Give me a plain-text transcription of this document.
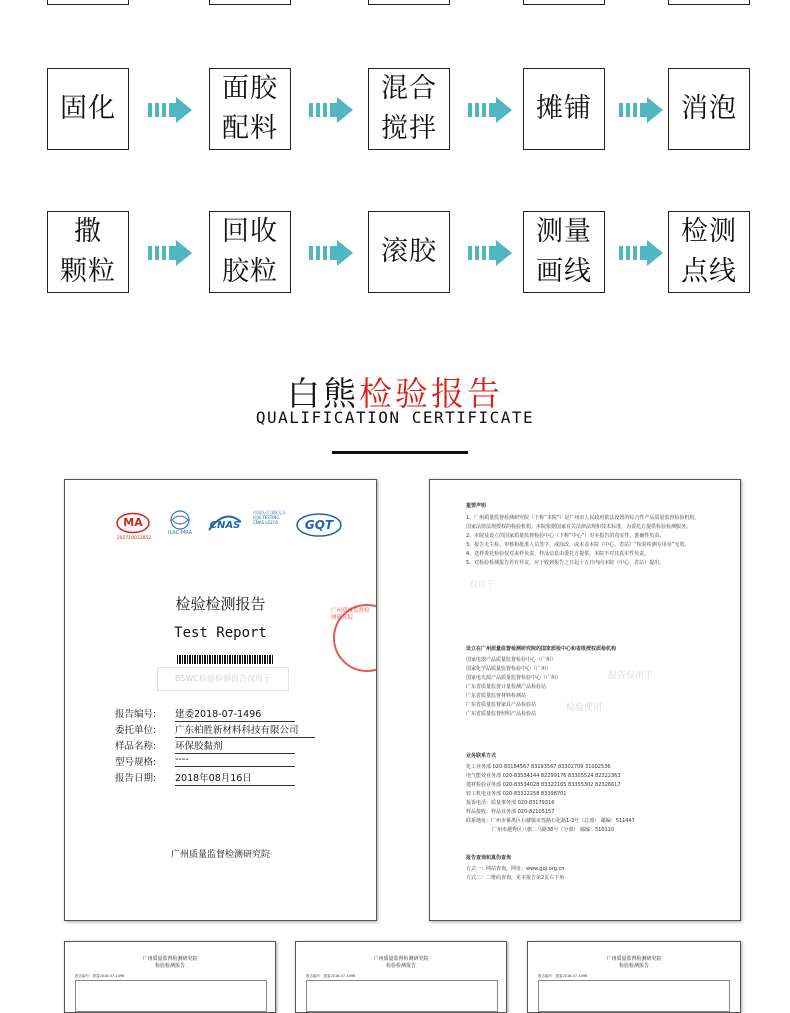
固化
面胶
配料
混合
搅拌
摊铺	消泡
撒
颗粒
回收
胶粒
滚胶
测量
画线
检测
点线
白熊检验报告
QUALIFICATION CERTIFICATE
MA
201719033852
ILAC-MRA
CNAS
中国认可 国际互认 检测 TESTING CNAS L0216	GQT
检验检测报告
Test Report
BSWC检验检测报告仅用于
报告编号: 建委2018-07-1496
委托单位: 广东柏胜新材料科技有限公司
样品名称: 环保胶黏剂
型号规格: ----
报告日期: 2018年08月16日
广州质量监督检测研究院
广州质量监督检测研究院
重要声明
1、广州质量监督检测研究院（下称“本院”）是广州市人民政府依法设置的综合性产品质量监督检验机构，
国家法律法规授权的检验机构。本院依据国家有关法律法规和技术标准，为委托方提供检验检测服务。
2、本院及设立的国家质量监督检验中心（下称“中心”）对本报告的真实性、准确性负责。
3、报告无主检、审核和批准人员签字，或涂改，或未盖本院（中心、省站）“检验检测专用章”无效。
4、送样委托检验仅对来样负责，样品信息由委托方提供，本院不对其真实性负责。
5、对检验检测报告若有异议，应于收到报告之日起十五日内向本院（中心、省站）提出。
仅用于
设立在广州质量监督检测研究院的国家质检中心和省级授权质检机构
国家电器产品质量监督检验中心（广州）
国家化学品质量监督检验中心（广州）
国家电光源产品质量监督检验中心（广州）
广东省质量监督计量检测产品检验站
广东省质量监督材料检测站
广东省质量监督家具产品检验站
广东省质量监督照明产品检验站
报告仅用于
检验使用
业务联系方式
化工业务部 020-83184567 83193567 83302709 31002536
电气能效业务部 020-83534144 82299176 83305524 82322363
建材检验业务部 020-83534028 83322165 83355302 82326617
轻工机电业务部 020-83322258 83398701
投诉电话：质量事务部 020-83179316
样品接收：样品业务部 020-82105157
联系地址：广州市番禺区石楼镇市莲路石化路1-3号（总部） 邮编：511447
广州市越秀区八旗二马路38号（分部） 邮编：510110
报告查询和真伪查询
方式一：网站查询，网址：www.gqi.org.cn
方式二：二维码查询，见本报告第2页右下角
广州质量监督检测研究院
检验检测报告
报告编号：建委2018-07-1496
广州质量监督检测研究院
检验检测报告
报告编号：建委2018-07-1496
广州质量监督检测研究院
检验检测报告
报告编号：建委2018-07-1496
